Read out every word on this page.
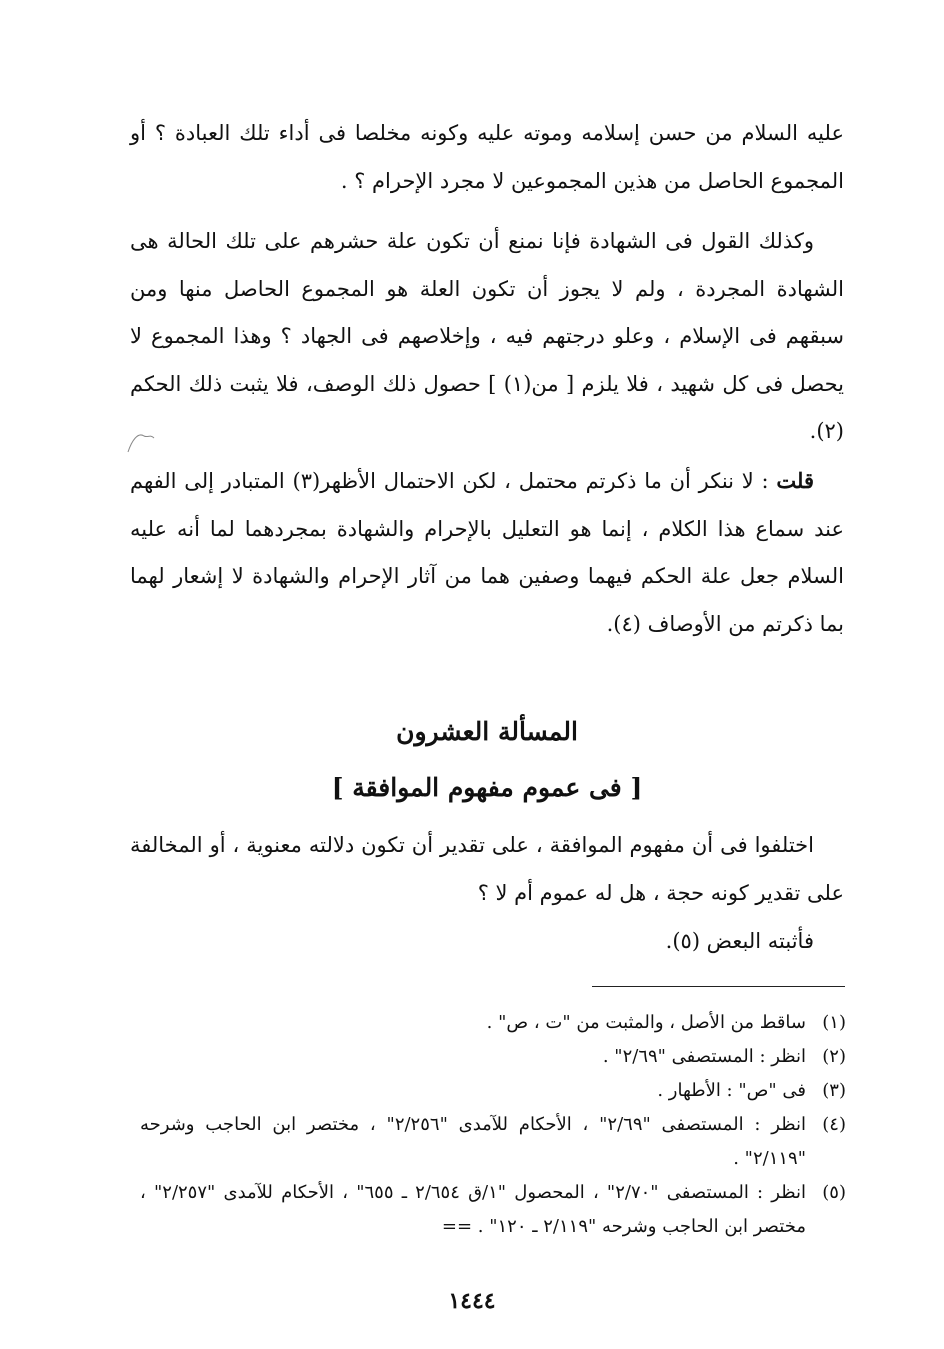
عليه السلام من حسن إسلامه وموته عليه وكونه مخلصا فى أداء تلك العبادة ؟ أو المجموع الحاصل من هذين المجموعين لا مجرد الإحرام ؟ .

وكذلك القول فى الشهادة فإنا نمنع أن تكون علة حشرهم على تلك الحالة هى الشهادة المجردة ، ولم لا يجوز أن تكون العلة هو المجموع الحاصل منها ومن سبقهم فى الإسلام ، وعلو درجتهم فيه ، وإخلاصهم فى الجهاد ؟ وهذا المجموع لا يحصل فى كل شهيد ، فلا يلزم [ من(١) ] حصول ذلك الوصف، فلا يثبت ذلك الحكم (٢).

قلت : لا ننكر أن ما ذكرتم محتمل ، لكن الاحتمال الأظهر(٣) المتبادر إلى الفهم عند سماع هذا الكلام ، إنما هو التعليل بالإحرام والشهادة بمجردهما لما أنه عليه السلام جعل علة الحكم فيهما وصفين هما من آثار الإحرام والشهادة لا إشعار لهما بما ذكرتم من الأوصاف (٤).

المسألة العشرون
[ فى عموم مفهوم الموافقة ]

اختلفوا فى أن مفهوم الموافقة ، على تقدير أن تكون دلالته معنوية ، أو المخالفة على تقدير كونه حجة ، هل له عموم أم لا ؟

فأثبته البعض (٥).

(١)
ساقط من الأصل ، والمثبت من "ت ، ص" .
(٢)
انظر : المستصفى "٢/٦٩" .
(٣)
فى "ص" : الأطهار .
(٤)
انظر : المستصفى "٢/٦٩" ، الأحكام للآمدى "٢/٢٥٦" ، مختصر ابن الحاجب وشرحه "٢/١١٩" .
(٥)
انظر : المستصفى "٢/٧٠" ، المحصول "١/ق ٢/٦٥٤ ـ ٦٥٥" ، الأحكام للآمدى "٢/٢٥٧" ، مختصر ابن الحاجب وشرحه "٢/١١٩ ـ ١٢٠" . ==
١٤٤٤
